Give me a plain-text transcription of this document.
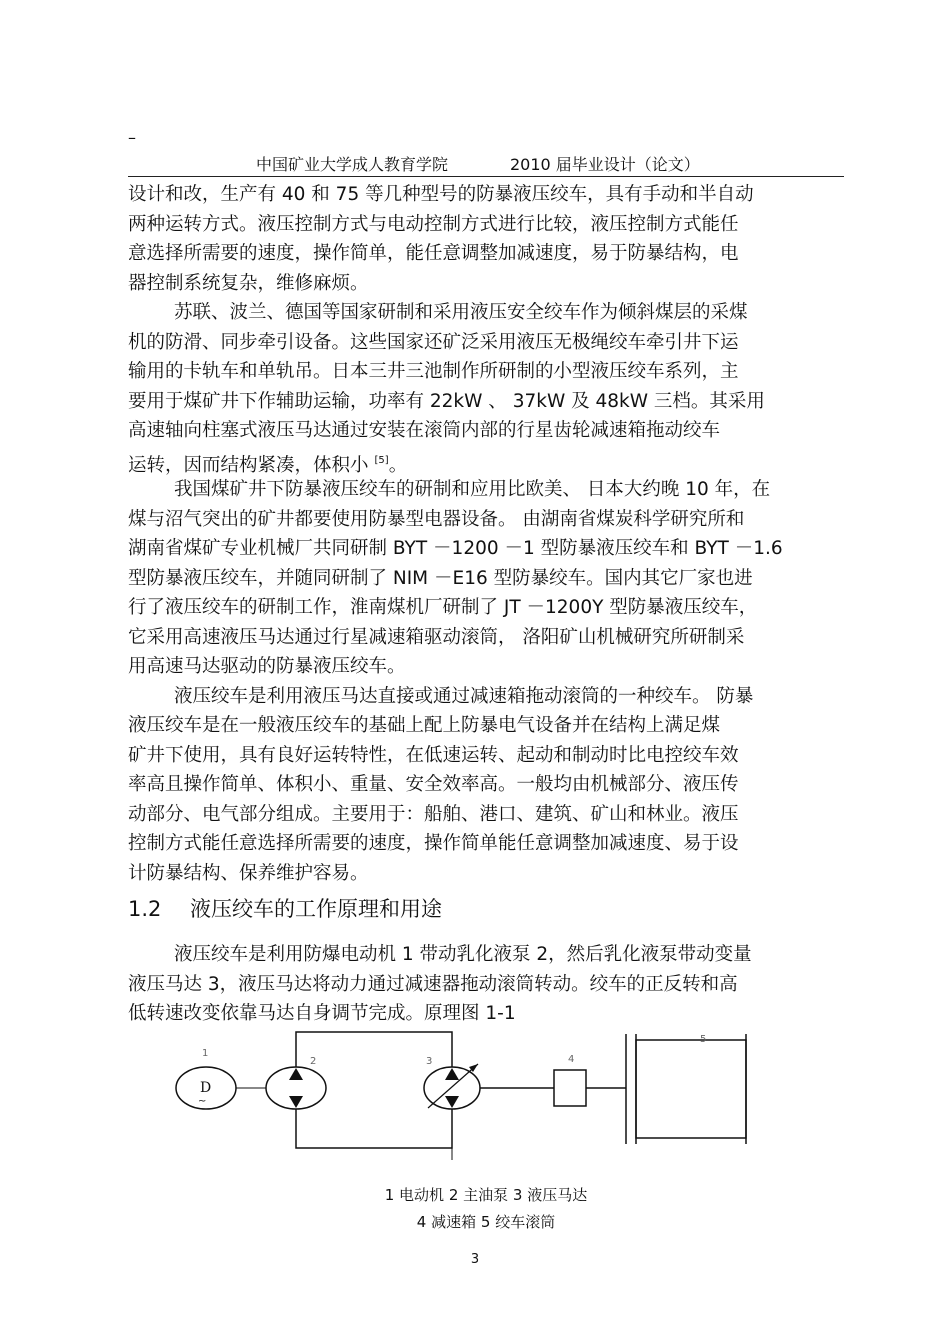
–
中国矿业大学成人教育学院	2010 届毕业设计（论文）
设计和改，生产有 40 和 75 等几种型号的防暴液压绞车，具有手动和半自动
两种运转方式。液压控制方式与电动控制方式进行比较，液压控制方式能任
意选择所需要的速度，操作简单，能任意调整加减速度，易于防暴结构，电
器控制系统复杂，维修麻烦。
苏联、波兰、德国等国家研制和采用液压安全绞车作为倾斜煤层的采煤
机的防滑、同步牵引设备。这些国家还矿泛采用液压无极绳绞车牵引井下运
输用的卡轨车和单轨吊。日本三井三池制作所研制的小型液压绞车系列，主
要用于煤矿井下作辅助运输，功率有 22kW 、 37kW 及 48kW 三档。其采用
高速轴向柱塞式液压马达通过安装在滚筒内部的行星齿轮减速箱拖动绞车
运转，因而结构紧凑，体积小 [5]。
我国煤矿井下防暴液压绞车的研制和应用比欧美、 日本大约晚 10 年，在
煤与沼气突出的矿井都要使用防暴型电器设备。 由湖南省煤炭科学研究所和
湖南省煤矿专业机械厂共同研制 BYT －1200 －1 型防暴液压绞车和 BYT －1.6
型防暴液压绞车，并随同研制了 NIM －E16 型防暴绞车。国内其它厂家也进
行了液压绞车的研制工作，淮南煤机厂研制了 JT －1200Y 型防暴液压绞车，
它采用高速液压马达通过行星减速箱驱动滚筒， 洛阳矿山机械研究所研制采
用高速马达驱动的防暴液压绞车。
液压绞车是利用液压马达直接或通过减速箱拖动滚筒的一种绞车。 防暴
液压绞车是在一般液压绞车的基础上配上防暴电气设备并在结构上满足煤
矿井下使用，具有良好运转特性，在低速运转、起动和制动时比电控绞车效
率高且操作简单、体积小、重量、安全效率高。一般均由机械部分、液压传
动部分、电气部分组成。主要用于：船舶、港口、建筑、矿山和林业。液压
控制方式能任意选择所需要的速度，操作简单能任意调整加减速度、易于设
计防暴结构、保养维护容易。
1.2 液压绞车的工作原理和用途
液压绞车是利用防爆电动机 1 带动乳化液泵 2，然后乳化液泵带动变量
液压马达 3，液压马达将动力通过减速器拖动滚筒转动。绞车的正反转和高
低转速改变依靠马达自身调节完成。原理图 1-1
1
2	3	4
5
D
~
1 电动机 2 主油泵 3 液压马达
4 减速箱 5 绞车滚筒
3
